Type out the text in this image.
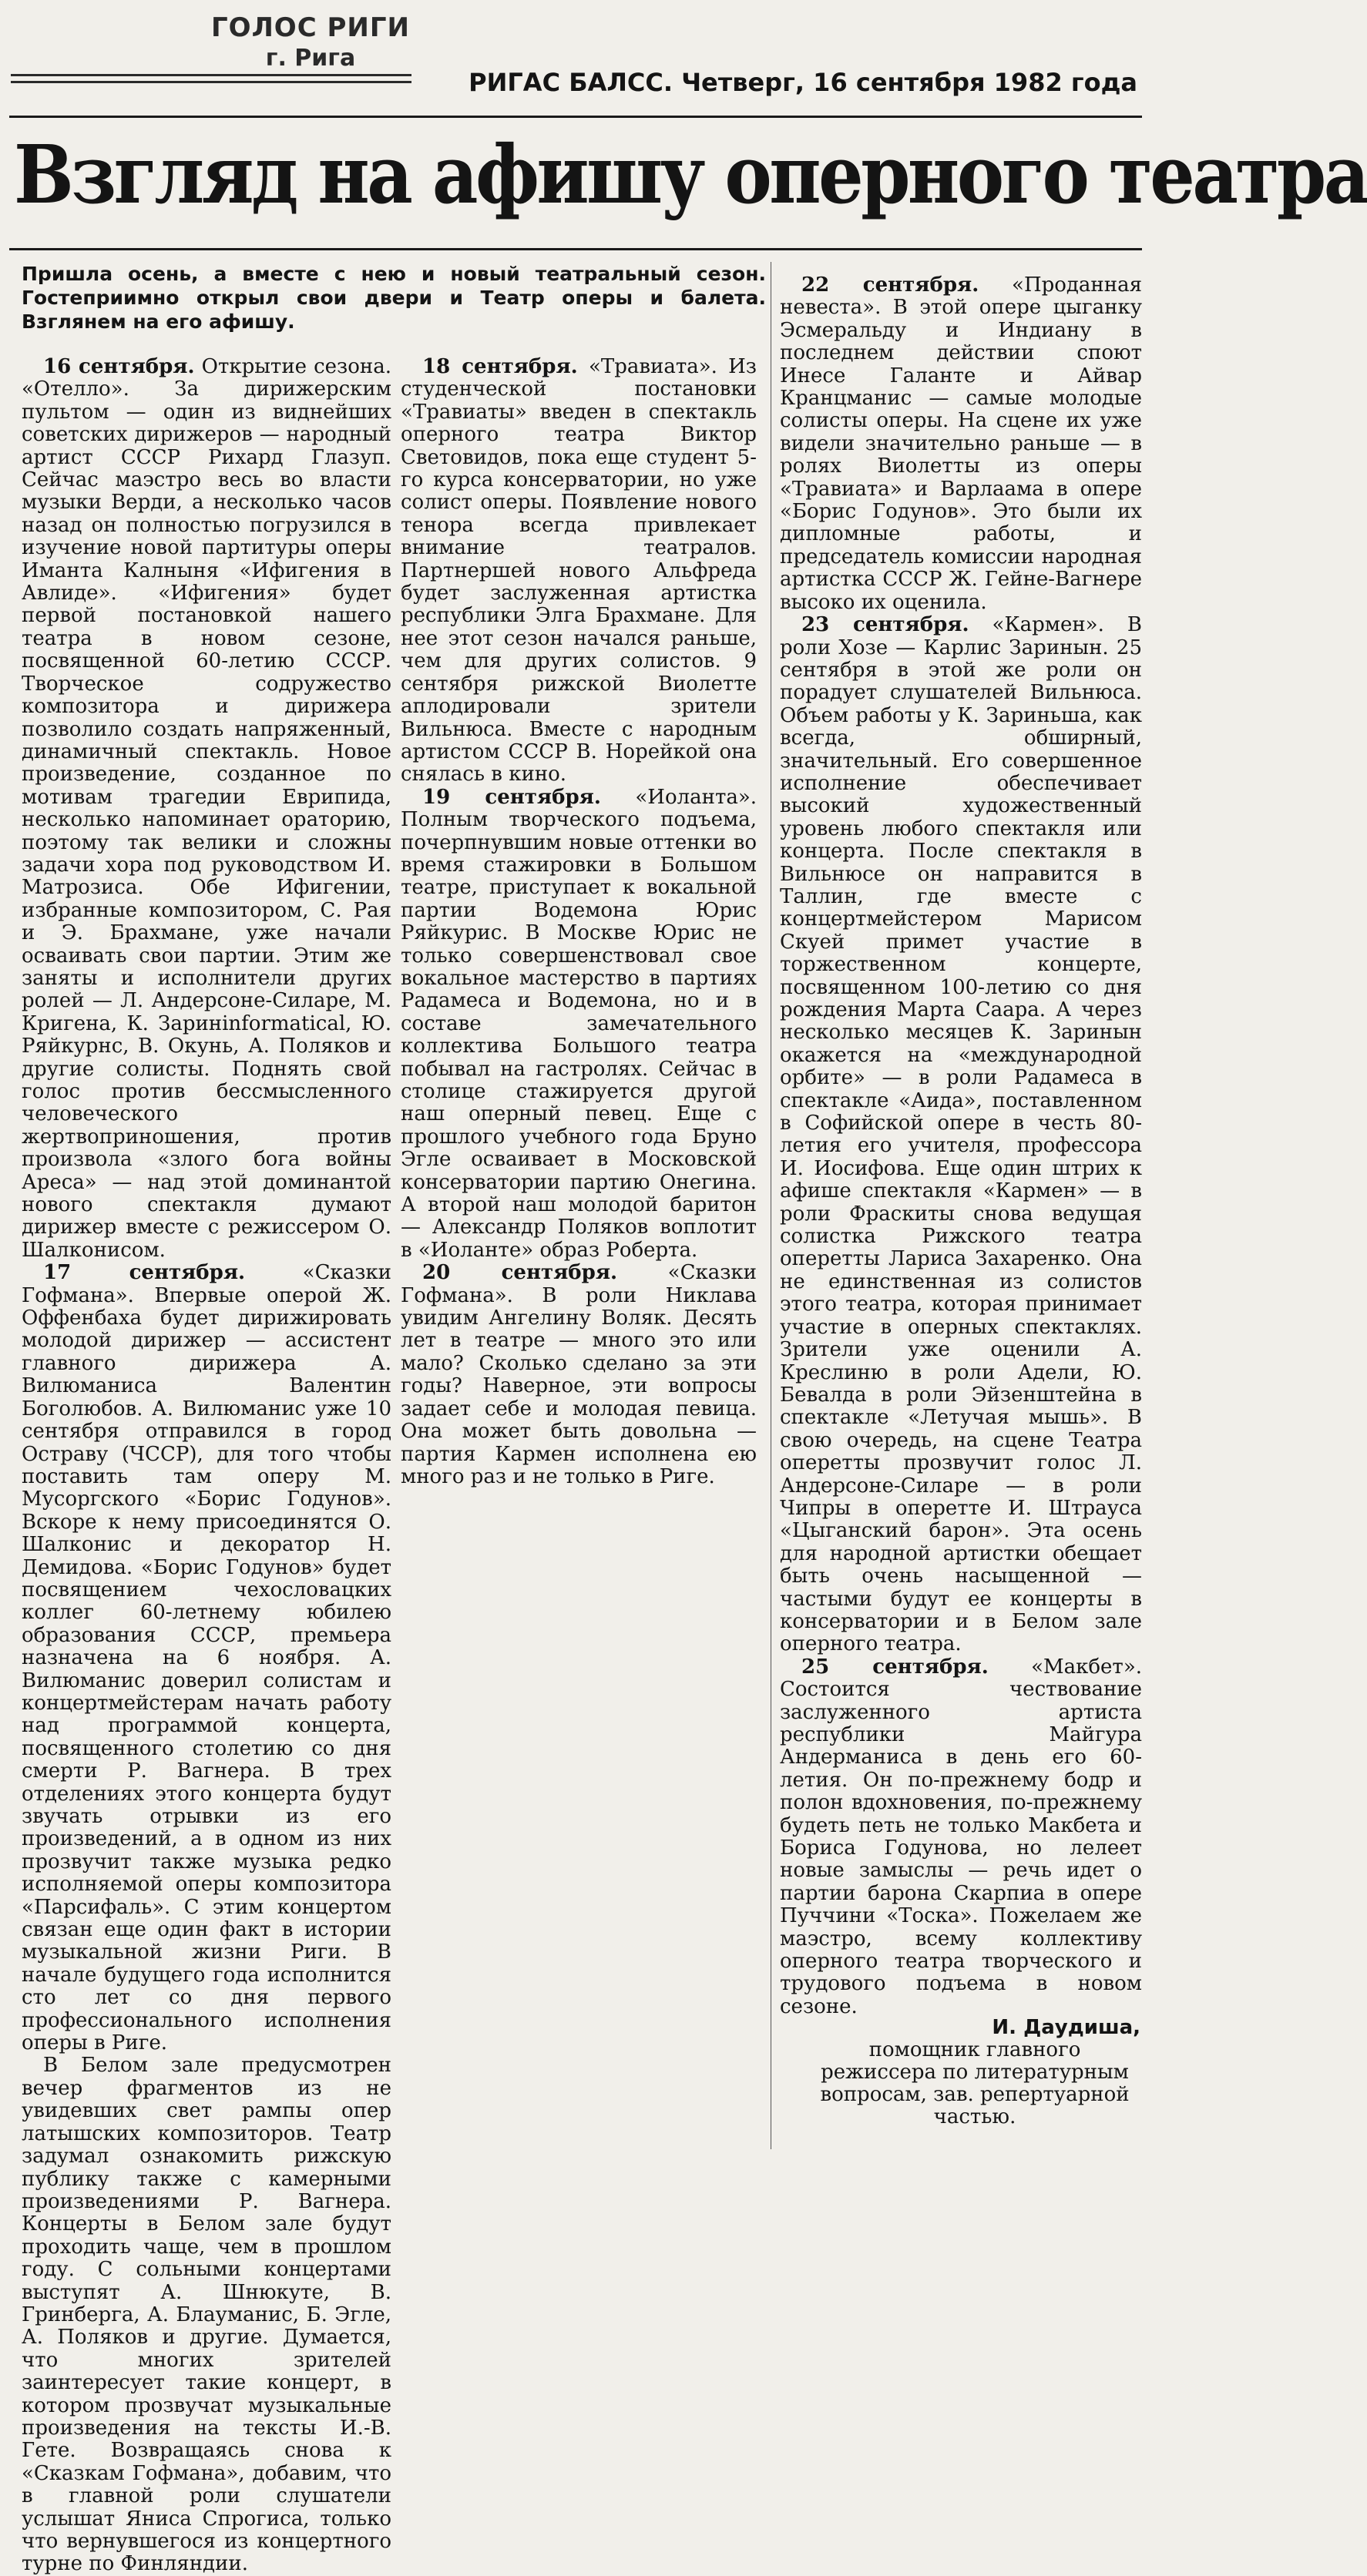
ГОЛОС РИГИ
г. Рига
РИГАС БАЛСС. Четверг, 16 сентября 1982 года
Взгляд на афишу оперного театра
Пришла осень, а вместе с нею и новый театральный сезон. Гостеприимно открыл свои двери и Театр оперы и балета. Взглянем на его афишу.

16 сентября. Открытие сезона. «Отелло». За дирижерским пультом — один из виднейших советских дирижеров — народный артист СССР Рихард Глазуп. Сейчас маэстро весь во власти музыки Верди, а несколько часов назад он полностью погрузился в изучение новой партитуры оперы Иманта Калныня «Ифигения в Авлиде». «Ифигения» будет первой постановкой нашего театра в новом сезоне, посвященной 60-летию СССР. Творческое содружество композитора и дирижера позволило создать напряженный, динамичный спектакль. Новое произведение, созданное по мотивам трагедии Еврипида, несколько напоминает ораторию, поэтому так велики и сложны задачи хора под руководством И. Матрозиса. Обе Ифигении, избранные композитором, С. Рая и Э. Брахмане, уже начали осваивать свои партии. Этим же заняты и исполнители других ролей — Л. Андерсоне-Силаре, М. Кригена, К. Заринinformatical, Ю. Ряйкурнс, В. Окунь, А. Поляков и другие солисты. Поднять свой голос против бессмысленного человеческого жертвоприношения, против произвола «злого бога войны Ареса» — над этой доминантой нового спектакля думают дирижер вместе с режиссером О. Шалконисом.

17 сентября. «Сказки Гофмана». Впервые оперой Ж. Оффенбаха будет дирижировать молодой дирижер — ассистент главного дирижера А. Вилюманиса Валентин Боголюбов. А. Вилюманис уже 10 сентября отправился в город Остраву (ЧССР), для того чтобы поставить там оперу М. Мусоргского «Борис Годунов». Вскоре к нему присоединятся О. Шалконис и декоратор Н. Демидова. «Борис Годунов» будет посвящением чехословацких коллег 60-летнему юбилею образования СССР, премьера назначена на 6 ноября. А. Вилюманис доверил солистам и концертмейстерам начать работу над программой концерта, посвященного столетию со дня смерти Р. Вагнера. В трех отделениях этого концерта будут звучать отрывки из его произведений, а в одном из них прозвучит также музыка редко исполняемой оперы композитора «Парсифаль». С этим концертом связан еще один факт в истории музыкальной жизни Риги. В начале будущего года исполнится сто лет со дня первого профессионального исполнения оперы в Риге.

В Белом зале предусмотрен вечер фрагментов из не увидевших свет рампы опер латышских композиторов. Театр задумал ознакомить рижскую публику также с камерными произведениями Р. Вагнера. Концерты в Белом зале будут проходить чаще, чем в прошлом году. С сольными концертами выступят А. Шнюкуте, В. Гринберга, А. Блауманис, Б. Эгле, А. Поляков и другие. Думается, что многих зрителей заинтересует такие концерт, в котором прозвучат музыкальные произведения на тексты И.-В. Гете. Возвращаясь снова к «Сказкам Гофмана», добавим, что в главной роли слушатели услышат Яниса Спрогиса, только что вернувшегося из концертного турне по Финляндии.

18 сентября. «Травиата». Из студенческой постановки «Травиаты» введен в спектакль оперного театра Виктор Световидов, пока еще студент 5-го курса консерватории, но уже солист оперы. Появление нового тенора всегда привлекает внимание театралов. Партнершей нового Альфреда будет заслуженная артистка республики Элга Брахмане. Для нее этот сезон начался раньше, чем для других солистов. 9 сентября рижской Виолетте аплодировали зрители Вильнюса. Вместе с народным артистом СССР В. Норейкой она снялась в кино.

19 сентября. «Иоланта». Полным творческого подъема, почерпнувшим новые оттенки во время стажировки в Большом театре, приступает к вокальной партии Водемона Юрис Ряйкурис. В Москве Юрис не только совершенствовал свое вокальное мастерство в партиях Радамеса и Водемона, но и в составе замечательного коллектива Большого театра побывал на гастролях. Сейчас в столице стажируется другой наш оперный певец. Еще с прошлого учебного года Бруно Эгле осваивает в Московской консерватории партию Онегина. А второй наш молодой баритон — Александр Поляков воплотит в «Иоланте» образ Роберта.

20 сентября. «Сказки Гофмана». В роли Никлава увидим Ангелину Воляк. Десять лет в театре — много это или мало? Сколько сделано за эти годы? Наверное, эти вопросы задает себе и молодая певица. Она может быть довольна — партия Кармен исполнена ею много раз и не только в Риге.

22 сентября. «Проданная невеста». В этой опере цыганку Эсмеральду и Индиану в последнем действии споют Инесе Галанте и Айвар Кранцманис — самые молодые солисты оперы. На сцене их уже видели значительно раньше — в ролях Виолетты из оперы «Травиата» и Варлаама в опере «Борис Годунов». Это были их дипломные работы, и председатель комиссии народная артистка СССР Ж. Гейне-Вагнере высоко их оценила.

23 сентября. «Кармен». В роли Хозе — Карлис Заринын. 25 сентября в этой же роли он порадует слушателей Вильнюса. Объем работы у К. Зариньша, как всегда, обширный, значительный. Его совершенное исполнение обеспечивает высокий художественный уровень любого спектакля или концерта. После спектакля в Вильнюсе он направится в Таллин, где вместе с концертмейстером Марисом Скуей примет участие в торжественном концерте, посвященном 100-летию со дня рождения Марта Саара. А через несколько месяцев К. Заринын окажется на «международной орбите» — в роли Радамеса в спектакле «Аида», поставленном в Софийской опере в честь 80-летия его учителя, профессора И. Иосифова. Еще один штрих к афише спектакля «Кармен» — в роли Фраскиты снова ведущая солистка Рижского театра оперетты Лариса Захаренко. Она не единственная из солистов этого театра, которая принимает участие в оперных спектаклях. Зрители уже оценили А. Креслиню в роли Адели, Ю. Бевалда в роли Эйзенштейна в спектакле «Летучая мышь». В свою очередь, на сцене Театра оперетты прозвучит голос Л. Андерсоне-Силаре — в роли Чипры в оперетте И. Штрауса «Цыганский барон». Эта осень для народной артистки обещает быть очень насыщенной — частыми будут ее концерты в консерватории и в Белом зале оперного театра.

25 сентября. «Макбет». Состоится чествование заслуженного артиста республики Майгура Андерманиса в день его 60-летия. Он по-прежнему бодр и полон вдохновения, по-прежнему будеть петь не только Макбета и Бориса Годунова, но лелеет новые замыслы — речь идет о партии барона Скарпиа в опере Пуччини «Тоска». Пожелаем же маэстро, всему коллективу оперного театра творческого и трудового подъема в новом сезоне.

И. Даудиша,
помощник главного режиссера по литературным вопросам, зав. репертуарной частью.
